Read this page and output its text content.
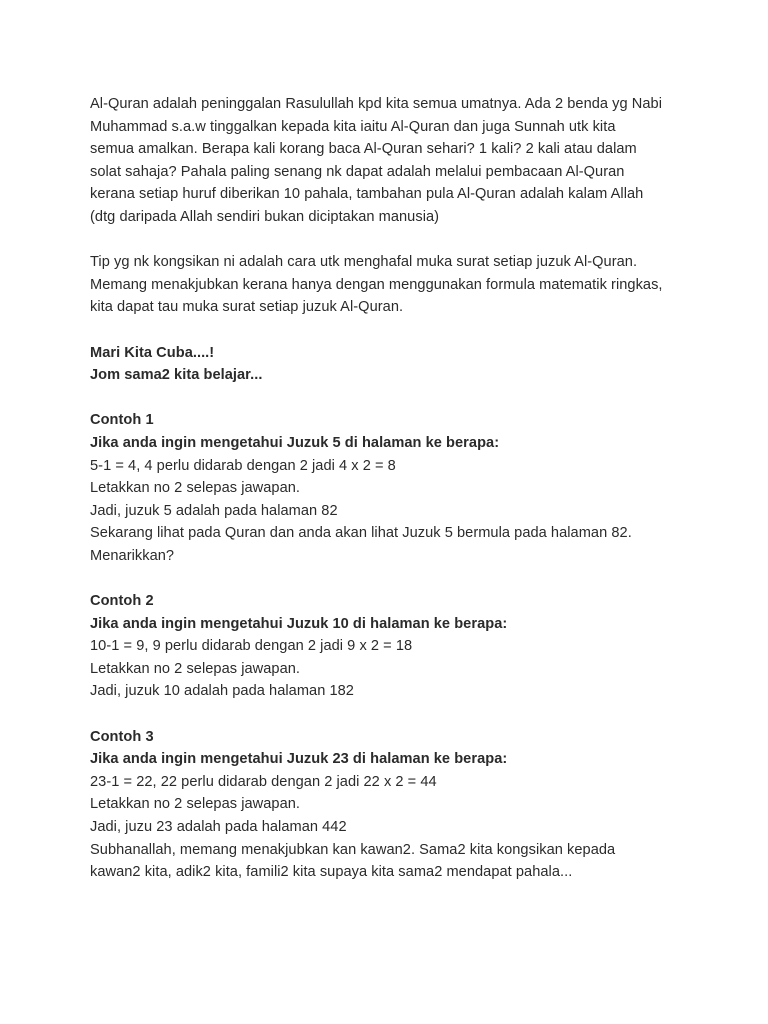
Al-Quran adalah peninggalan Rasulullah kpd kita semua umatnya. Ada 2 benda yg Nabi
Muhammad s.a.w tinggalkan kepada kita iaitu Al-Quran dan juga Sunnah utk kita
semua amalkan. Berapa kali korang baca Al-Quran sehari? 1 kali? 2 kali atau dalam
solat sahaja? Pahala paling senang nk dapat adalah melalui pembacaan Al-Quran
kerana setiap huruf diberikan 10 pahala, tambahan pula Al-Quran adalah kalam Allah
(dtg daripada Allah sendiri bukan diciptakan manusia)

Tip yg nk kongsikan ni adalah cara utk menghafal muka surat setiap juzuk Al-Quran.
Memang menakjubkan kerana hanya dengan menggunakan formula matematik ringkas,
kita dapat tau muka surat setiap juzuk Al-Quran.

Mari Kita Cuba....!
Jom sama2 kita belajar...

Contoh 1
Jika anda ingin mengetahui Juzuk 5 di halaman ke berapa:
5-1 = 4, 4 perlu didarab dengan 2 jadi 4 x 2 = 8
Letakkan no 2 selepas jawapan.
Jadi, juzuk 5 adalah pada halaman 82
Sekarang lihat pada Quran dan anda akan lihat Juzuk 5 bermula pada halaman 82.
Menarikkan?

Contoh 2
Jika anda ingin mengetahui Juzuk 10 di halaman ke berapa:
10-1 = 9, 9 perlu didarab dengan 2 jadi 9 x 2 = 18
Letakkan no 2 selepas jawapan.
Jadi, juzuk 10 adalah pada halaman 182

Contoh 3
Jika anda ingin mengetahui Juzuk 23 di halaman ke berapa:
23-1 = 22, 22 perlu didarab dengan 2 jadi 22 x 2 = 44
Letakkan no 2 selepas jawapan.
Jadi, juzu 23 adalah pada halaman 442
Subhanallah, memang menakjubkan kan kawan2. Sama2 kita kongsikan kepada
kawan2 kita, adik2 kita, famili2 kita supaya kita sama2 mendapat pahala...
